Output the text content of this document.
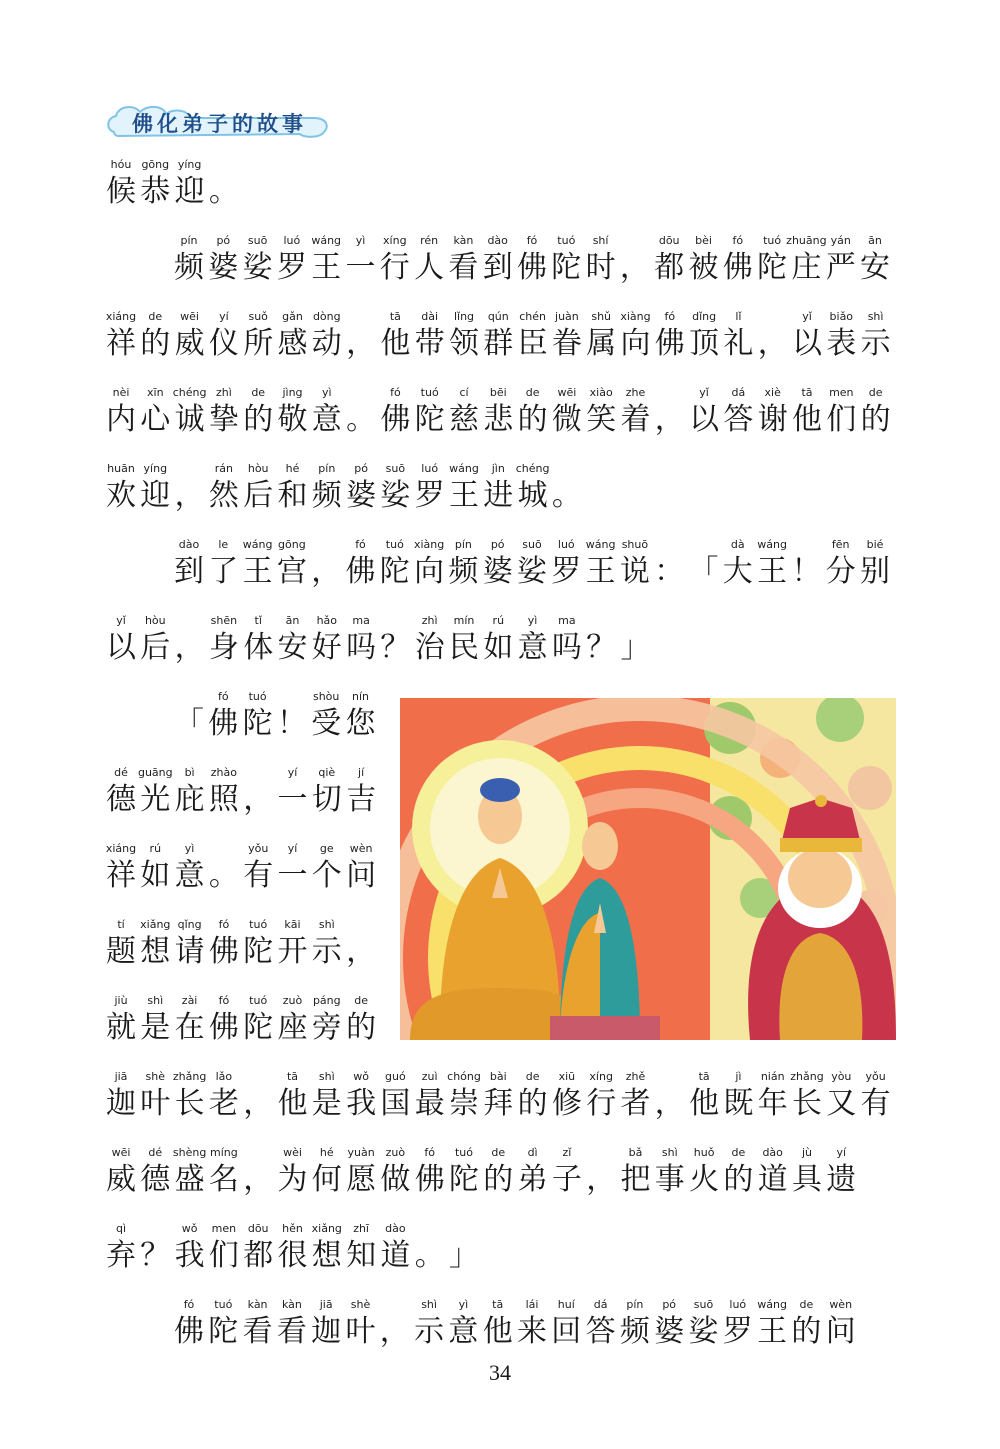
佛化弟子的故事
hóu
候
gōng
恭
yíng
迎 。
pín
频
pó
婆
suō
娑
luó
罗
wáng
王
yì
一
xíng
行
rén
人
kàn
看
dào
到
fó
佛
tuó
陀
shí
时 ，
dōu
都
bèi
被
fó
佛
tuó
陀
zhuāng
庄
yán
严
ān
安
xiáng
祥
de
的
wēi
威
yí
仪
suǒ
所
gǎn
感
dòng
动 ，
tā
他
dài
带
lǐng
领
qún
群
chén
臣
juàn
眷
shǔ
属
xiàng
向
fó
佛
dǐng
顶
lǐ
礼 ，
yǐ
以
biǎo
表
shì
示
nèi
内
xīn
心
chéng
诚
zhì
挚
de
的
jìng
敬
yì
意 。
fó
佛
tuó
陀
cí
慈
bēi
悲
de
的
wēi
微
xiào
笑
zhe
着 ，
yǐ
以
dá
答
xiè
谢
tā
他
men
们
de
的
huān
欢
yíng
迎 ，
rán
然
hòu
后
hé
和
pín
频
pó
婆
suō
娑
luó
罗
wáng
王
jìn
进
chéng
城 。
dào
到
le
了
wáng
王
gōng
宫 ，
fó
佛
tuó
陀
xiàng
向
pín
频
pó
婆
suō
娑
luó
罗
wáng
王
shuō
说 ： 「
dà
大
wáng
王 ！
fēn
分
bié
别
yǐ
以
hòu
后 ，
shēn
身
tǐ
体
ān
安
hǎo
好
ma
吗 ？
zhì
治
mín
民
rú
如
yì
意
ma
吗 ？ 」
「
fó
佛
tuó
陀 ！
shòu
受
nín
您
dé
德
guāng
光
bì
庇
zhào
照 ，
yí
一
qiè
切
jí
吉
xiáng
祥
rú
如
yì
意 。
yǒu
有
yí
一
ge
个
wèn
问
tí
题
xiǎng
想
qǐng
请
fó
佛
tuó
陀
kāi
开
shì
示 ，
jiù
就
shì
是
zài
在
fó
佛
tuó
陀
zuò
座
páng
旁
de
的
jiā
迦
shè
叶
zhǎng
长
lǎo
老 ，
tā
他
shì
是
wǒ
我
guó
国
zuì
最
chóng
崇
bài
拜
de
的
xiū
修
xíng
行
zhě
者 ，
tā
他
jì
既
nián
年
zhǎng
长
yòu
又
yǒu
有
wēi
威
dé
德
shèng
盛
míng
名 ，
wèi
为
hé
何
yuàn
愿
zuò
做
fó
佛
tuó
陀
de
的
dì
弟
zǐ
子 ，
bǎ
把
shì
事
huǒ
火
de
的
dào
道
jù
具
yí
遗
qì
弃 ？
wǒ
我
men
们
dōu
都
hěn
很
xiǎng
想
zhī
知
dào
道 。 」
fó
佛
tuó
陀
kàn
看
kàn
看
jiā
迦
shè
叶 ，
shì
示
yì
意
tā
他
lái
来
huí
回
dá
答
pín
频
pó
婆
suō
娑
luó
罗
wáng
王
de
的
wèn
问
34
